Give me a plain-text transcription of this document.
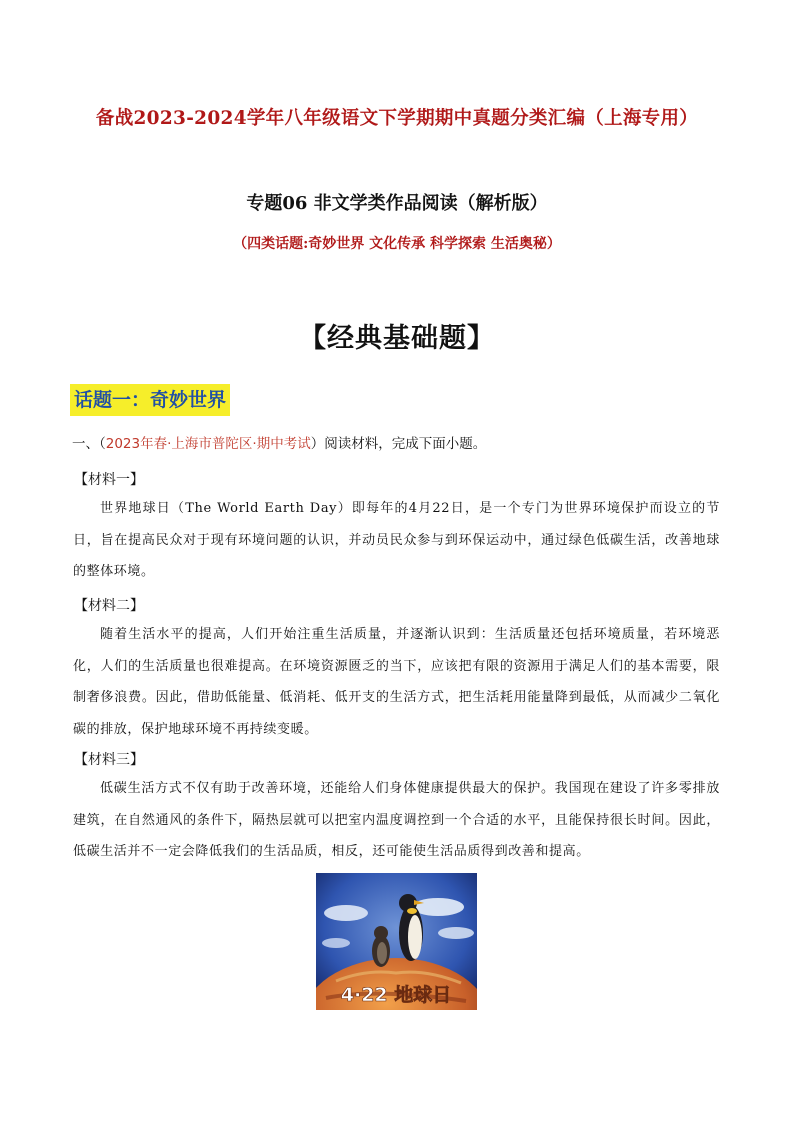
备战2023-2024学年八年级语文下学期期中真题分类汇编（上海专用）
专题06 非文学类作品阅读（解析版）
（四类话题:奇妙世界 文化传承 科学探索 生活奥秘）
【经典基础题】
话题一：奇妙世界
一、（2023年春·上海市普陀区·期中考试）阅读材料，完成下面小题。
【材料一】
世界地球日（The World Earth Day）即每年的4月22日，是一个专门为世界环境保护而设立的节日，旨在提高民众对于现有环境问题的认识，并动员民众参与到环保运动中，通过绿色低碳生活，改善地球的整体环境。
【材料二】
随着生活水平的提高，人们开始注重生活质量，并逐渐认识到：生活质量还包括环境质量，若环境恶化，人们的生活质量也很难提高。在环境资源匮乏的当下，应该把有限的资源用于满足人们的基本需要，限制奢侈浪费。因此，借助低能量、低消耗、低开支的生活方式，把生活耗用能量降到最低，从而减少二氧化碳的排放，保护地球环境不再持续变暖。
【材料三】
低碳生活方式不仅有助于改善环境，还能给人们身体健康提供最大的保护。我国现在建设了许多零排放建筑，在自然通风的条件下，隔热层就可以把室内温度调控到一个合适的水平，且能保持很长时间。因此，低碳生活并不一定会降低我们的生活品质，相反，还可能使生活品质得到改善和提高。
4·22 地球日
